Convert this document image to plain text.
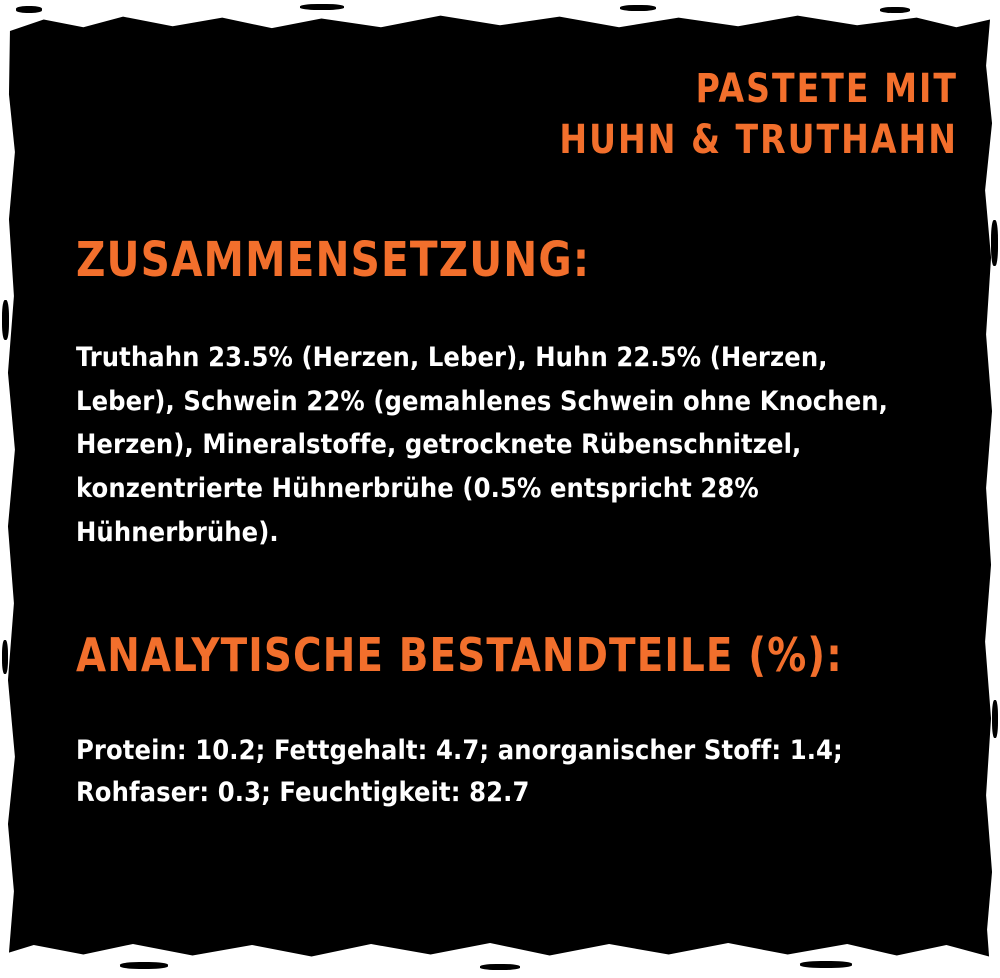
PASTETE MIT
HUHN & TRUTHAHN
ZUSAMMENSETZUNG:
Truthahn 23.5% (Herzen, Leber), Huhn 22.5% (Herzen, Leber), Schwein 22% (gemahlenes Schwein ohne Knochen, Herzen), Mineralstoffe, getrocknete Rübenschnitzel, konzentrierte Hühnerbrühe (0.5% entspricht 28% Hühnerbrühe).
ANALYTISCHE BESTANDTEILE (%):
Protein: 10.2; Fettgehalt: 4.7; anorganischer Stoff: 1.4; Rohfaser: 0.3; Feuchtigkeit: 82.7
